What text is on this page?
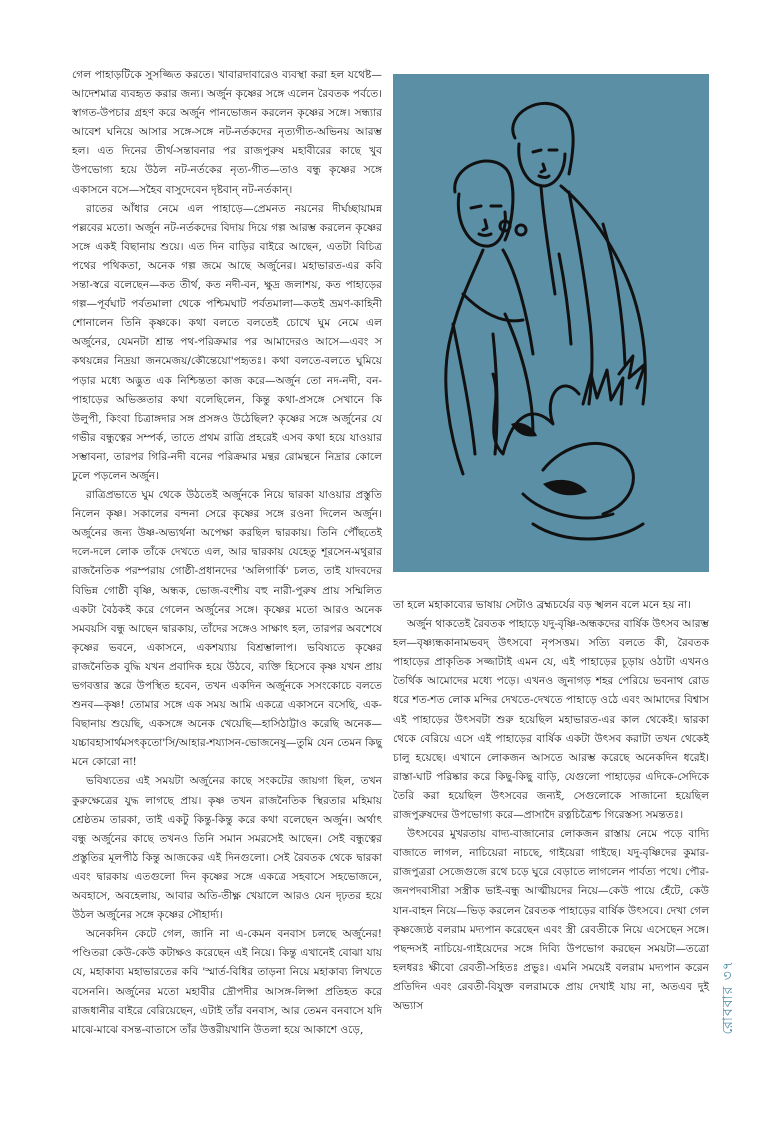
গেল পাহাড়টিকে সুসজ্জিত করতে। খাবারদাবারেও ব্যবস্থা করা হল যথেষ্ট—আদেশমাত্র ব্যবহৃত করার জন্য। অর্জুন কৃষ্ণের সঙ্গে এলেন রৈবতক পর্বতে। স্বাগত-উপচার গ্রহণ করে অর্জুন পানভোজন করলেন কৃষ্ণের সঙ্গে। সন্ধ্যার আবেশ ঘনিয়ে আসার সঙ্গে-সঙ্গে নট-নর্তকদের নৃত্যগীত-অভিনয় আরম্ভ হল। এত দিনের তীর্থ-সন্তাবনার পর রাজপুরুষ মহাবীরের কাছে খুব উপভোগ্য হয়ে উঠল নট-নর্তকের নৃত্য-গীত—তাও বন্ধু কৃষ্ণের সঙ্গে একাসনে বসে—সহৈব বাসুদেবেন দৃষ্টবান্ নট-নর্তকান্।

রাতের আঁধার নেমে এল পাহাড়ে—প্রেমনত নয়নের দীর্ঘচ্ছায়ামন্ন পল্লবের মতো। অর্জুন নট-নর্তকদের বিদায় দিয়ে গল্প আরম্ভ করলেন কৃষ্ণের সঙ্গে একই বিছানায় শুয়ে। এত দিন বাড়ির বাইরে আছেন, এতটা বিচিত্র পথের পথিকতা, অনেক গল্প জমে আছে অর্জুনের। মহাভারত-এর কবি সন্তা-স্বরে বলেছেন—কত তীর্থ, কত নদী-বন, ক্ষুদ্র জলাশয়, কত পাহাড়ের গল্প—পূর্বঘাট পর্বতমালা থেকে পশ্চিমঘাট পর্বতমালা—কতই ভ্রমণ-কাহিনী শোনালেন তিনি কৃষ্ণকে। কথা বলতে বলতেই চোখে ঘুম নেমে এল অর্জুনের, যেমনটা শ্রান্ত পথ-পরিক্রমার পর আমাদেরও আসে—এবং স কথয়ন্নের নিদ্রয়া জনমেজয়/কৌন্তেয়ো'পহৃতঃ। কথা বলতে-বলতে ঘুমিয়ে পড়ার মধ্যে অদ্ভুত এক নিশ্চিন্ততা কাজ করে—অর্জুন তো নদ-নদী, বন-পাহাড়ের অভিজ্ঞতার কথা বলেছিলেন, কিন্তু কথা-প্রসঙ্গে সেখানে কি উলুপী, কিংবা চিত্রাঙ্গদার সঙ্গ প্রসঙ্গও উঠেছিল? কৃষ্ণের সঙ্গে অর্জুনের যে গভীর বন্ধুত্বের সম্পর্ক, তাতে প্রথম রাত্রি প্রহরেই এসব কথা হয়ে যাওয়ার সম্ভাবনা, তারপর গিরি-নদী বনের পরিক্রমার মন্থর রোমন্থনে নিদ্রার কোলে ঢুলে পড়লেন অর্জুন।

রাত্রিপ্রভাতে ঘুম থেকে উঠতেই অর্জুনকে নিয়ে দ্বারকা যাওয়ার প্রস্তুতি নিলেন কৃষ্ণ। সকালের বন্দনা সেরে কৃষ্ণের সঙ্গে রওনা দিলেন অর্জুন। অর্জুনের জন্য উষ্ণ-অভ্যর্থনা অপেক্ষা করছিল দ্বারকায়। তিনি পৌঁছতেই দলে-দলে লোক তাঁকে দেখতে এল, আর দ্বারকায় যেহেতু শূরসেন-মথুরার রাজনৈতিক পরম্পরায় গোষ্ঠী-প্রধানদের 'অলিগার্কি' চলত, তাই যাদবদের বিভিন্ন গোষ্ঠী বৃষ্ণি, অন্ধক, ভোজ-বংশীয় বহু নারী-পুরুষ প্রায় সম্মিলিত একটা বৈঠকই করে গেলেন অর্জুনের সঙ্গে। কৃষ্ণের মতো আরও অনেক সমবয়সি বন্ধু আছেন দ্বারকায়, তাঁদের সঙ্গেও সাক্ষাৎ হল, তারপর অবশেষে কৃষ্ণের ভবনে, একাসনে, একশয্যায় বিশ্রম্ভালাপ। ভবিষ্যতে কৃষ্ণের রাজনৈতিক বুদ্ধি যখন প্রবাদিক হয়ে উঠবে, ব্যক্তি হিসেবে কৃষ্ণ যখন প্রায় ভগবত্তার স্তরে উপস্থিত হবেন, তখন একদিন অর্জুনকে সসংকোচে বলতে শুনব—কৃষ্ণ! তোমার সঙ্গে এক সময় আমি একত্রে একাসনে বসেছি, এক-বিছানায় শুয়েছি, একসঙ্গে অনেক খেয়েছি—হাসিঠাট্টাও করেছি অনেক—যচ্চাবহাসার্থমসৎকৃতো'সি/আহার-শয্যাসন-ভোজনেষু—তুমি যেন তেমন কিছু মনে কোরো না!

ভবিষ্যতের এই সময়টা অর্জুনের কাছে সংকটের জায়গা ছিল, তখন কুরুক্ষেত্রের যুদ্ধ লাগছে প্রায়। কৃষ্ণ তখন রাজনৈতিক স্থিরতার মহিমায় শ্রেষ্ঠতম তারকা, তাই একটু কিন্তু-কিন্তু করে কথা বলেছেন অর্জুন। অর্থাৎ বন্ধু অর্জুনের কাছে তখনও তিনি সমান সমরসেই আছেন। সেই বন্ধুত্বের প্রস্তুতির মূলপীঠ কিন্তু আজকের এই দিনগুলো। সেই রৈবতক থেকে দ্বারকা এবং দ্বারকায় এতগুলো দিন কৃষ্ণের সঙ্গে একত্রে সহবাসে সহভোজনে, অবহাসে, অবহেলায়, আবার অতি-তীক্ষ্ণ খেয়ালে আরও যেন দৃঢ়তর হয়ে উঠল অর্জুনের সঙ্গে কৃষ্ণের সৌহার্দ্য।

অনেকদিন কেটে গেল, জানি না এ-কেমন বনবাস চলছে অর্জুনের! পণ্ডিতরা কেউ-কেউ কটাক্ষও করেছেন এই নিয়ে। কিন্তু এখানেই বোঝা যায় যে, মহাকাব্য মহাভারতের কবি 'স্মার্ত-বিধির তাড়না নিয়ে মহাকাব্য লিখতে বসেননি। অর্জুনের মতো মহাবীর দ্রৌপদীর আসঙ্গ-লিপ্সা প্রতিহত করে রাজধানীর বাইরে বেরিয়েছেন, এটাই তাঁর বনবাস, আর তেমন বনবাসে যদি মাঝে-মাঝে বসন্ত-বাতাসে তাঁর উত্তরীয়খানি উতলা হয়ে আকাশে ওড়ে,

তা হলে মহাকাব্যের ভাষায় সেটাও ব্রহ্মচর্যের বড় স্খলন বলে মনে হয় না।

অর্জুন থাকতেই রৈবতক পাহাড়ে যদু-বৃষ্ণি-অন্ধকদের বার্ষিক উৎসব আরম্ভ হল—বৃষ্ণ্যন্ধকানামভবদ্ উৎসবো নৃপসত্তম। সত্যি বলতে কী, রৈবতক পাহাড়ের প্রাকৃতিক সজ্জাটাই এমন যে, এই পাহাড়ের চূড়ায় ওঠাটা এখনও তৈর্থিক আমোদের মধ্যে পড়ে। এখনও জুনাগড় শহর পেরিয়ে ভবনাথ রোড ধরে শত-শত লোক মন্দির দেখতে-দেখতে পাহাড়ে ওঠে এবং আমাদের বিশ্বাস এই পাহাড়ের উৎসবটা শুরু হয়েছিল মহাভারত-এর কাল থেকেই। দ্বারকা থেকে বেরিয়ে এসে এই পাহাড়ের বার্ষিক একটা উৎসব করাটা তখন থেকেই চালু হয়েছে। এখানে লোকজন আসতে আরম্ভ করেছে অনেকদিন ধরেই। রাস্তা-ঘাট পরিষ্কার করে কিছু-কিছু বাড়ি, যেগুলো পাহাড়ের এদিকে-সেদিকে তৈরি করা হয়েছিল উৎসবের জন্যই, সেগুলোকে সাজানো হয়েছিল রাজপুরুষদের উপভোগ্য করে—প্রাসাদৈ রত্নচিত্রৈশ্চ গিরেস্তস্য সমন্ততঃ।

উৎসবের মুখরতায় বাদ্য-বাজানোর লোকজন রাস্তায় নেমে পড়ে বাদ্যি বাজাতে লাগল, নাচিয়েরা নাচছে, গাইয়েরা গাইছে। যদু-বৃষ্ণিদের কুমার-রাজপুত্ররা সেজেগুজে রথে চড়ে ঘুরে বেড়াতে লাগলেন পার্বত্য পথে। পৌর-জনপদবাসীরা সস্ত্রীক ভাই-বন্ধু আত্মীয়দের নিয়ে—কেউ পায়ে হেঁটে, কেউ যান-বাহন নিয়ে—ভিড় করলেন রৈবতক পাহাড়ের বার্ষিক উৎসবে। দেখা গেল কৃষ্ণজ্যেষ্ঠ বলরাম মদ্যপান করেছেন এবং স্ত্রী রেবতীকে নিয়ে এসেছেন সঙ্গে। পছন্দসই নাচিয়ে-গাইয়েদের সঙ্গে দিব্যি উপভোগ করছেন সময়টা—তত্রো হলধরঃ ক্ষীবো রেবতী-সহিতঃ প্রভুঃ। এমনি সময়েই বলরাম মদ্যপান করেন প্রতিদিন এবং রেবতী-বিযুক্ত বলরামকে প্রায় দেখাই যায় না, অতএব দুই অভ্যাস	রোববার ৩৭
